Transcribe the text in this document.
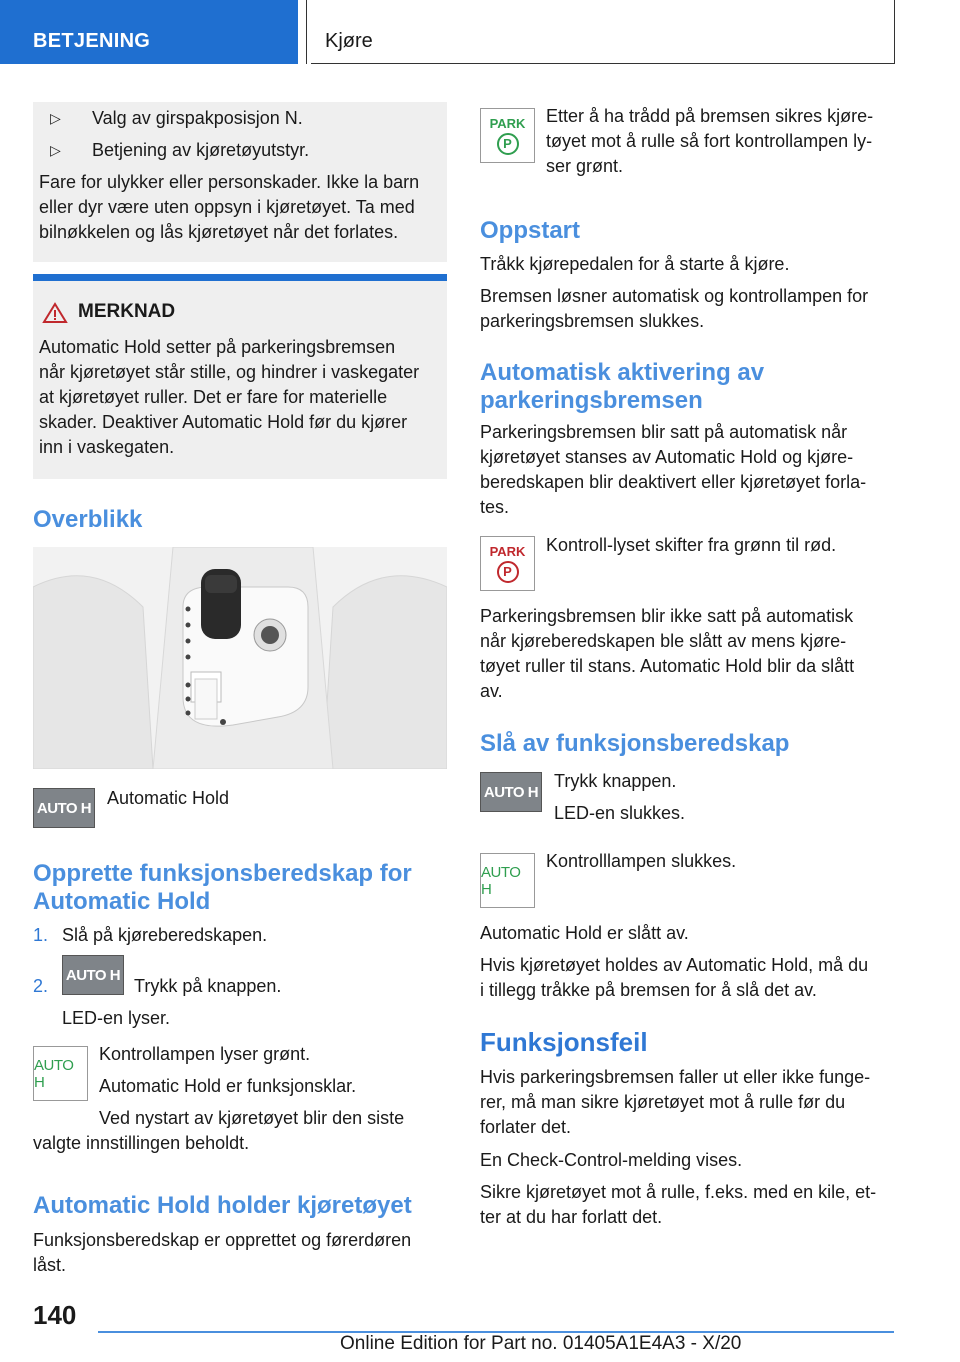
BETJENING	Kjøre
▷ Valg av girspakposisjon N.
▷ Betjening av kjøretøyutstyr.

Fare for ulykker eller personskader. Ikke la barn

eller dyr være uten oppsyn i kjøretøyet. Ta med

bilnøkkelen og lås kjøretøyet når det forlates.

MERKNAD

Automatic Hold setter på parkeringsbremsen

når kjøretøyet står stille, og hindrer i vaskegater

at kjøretøyet ruller. Det er fare for materielle

skader. Deaktiver Automatic Hold før du kjører

inn i vaskegaten.

Overblikk
AUTO H Automatic Hold
Opprette funksjonsberedskap for
Automatic Hold
1. Slå på kjøreberedskapen.
2.
AUTO H
Trykk på knappen.
LED-en lyser.
AUTO H
Kontrollampen lyser grønt.
Automatic Hold er funksjonsklar.
Ved nystart av kjøretøyet blir den siste
valgte innstillingen beholdt.
Automatic Hold holder kjøretøyet
Funksjonsberedskap er opprettet og førerdøren
låst.
PARK
P

Etter å ha trådd på bremsen sikres kjøre-

tøyet mot å rulle så fort kontrollampen ly-

ser grønt.

Oppstart
Tråkk kjørepedalen for å starte å kjøre.
Bremsen løsner automatisk og kontrollampen for
parkeringsbremsen slukkes.
Automatisk aktivering av
parkeringsbremsen

Parkeringsbremsen blir satt på automatisk når

kjøretøyet stanses av Automatic Hold og kjøre-

beredskapen blir deaktivert eller kjøretøyet forla-

tes.

PARK
P
Kontroll-lyset skifter fra grønn til rød.

Parkeringsbremsen blir ikke satt på automatisk

når kjøreberedskapen ble slått av mens kjøre-

tøyet ruller til stans. Automatic Hold blir da slått

av.

Slå av funksjonsberedskap
AUTO H
Trykk knappen.
LED-en slukkes.
AUTO H
Kontrolllampen slukkes.
Automatic Hold er slått av.
Hvis kjøretøyet holdes av Automatic Hold, må du
i tillegg tråkke på bremsen for å slå det av.
Funksjonsfeil

Hvis parkeringsbremsen faller ut eller ikke funge-

rer, må man sikre kjøretøyet mot å rulle før du

forlater det.

En Check-Control-melding vises.
Sikre kjøretøyet mot å rulle, f.eks. med en kile, et-
ter at du har forlatt det.
140
Online Edition for Part no. 01405A1E4A3 - X/20
